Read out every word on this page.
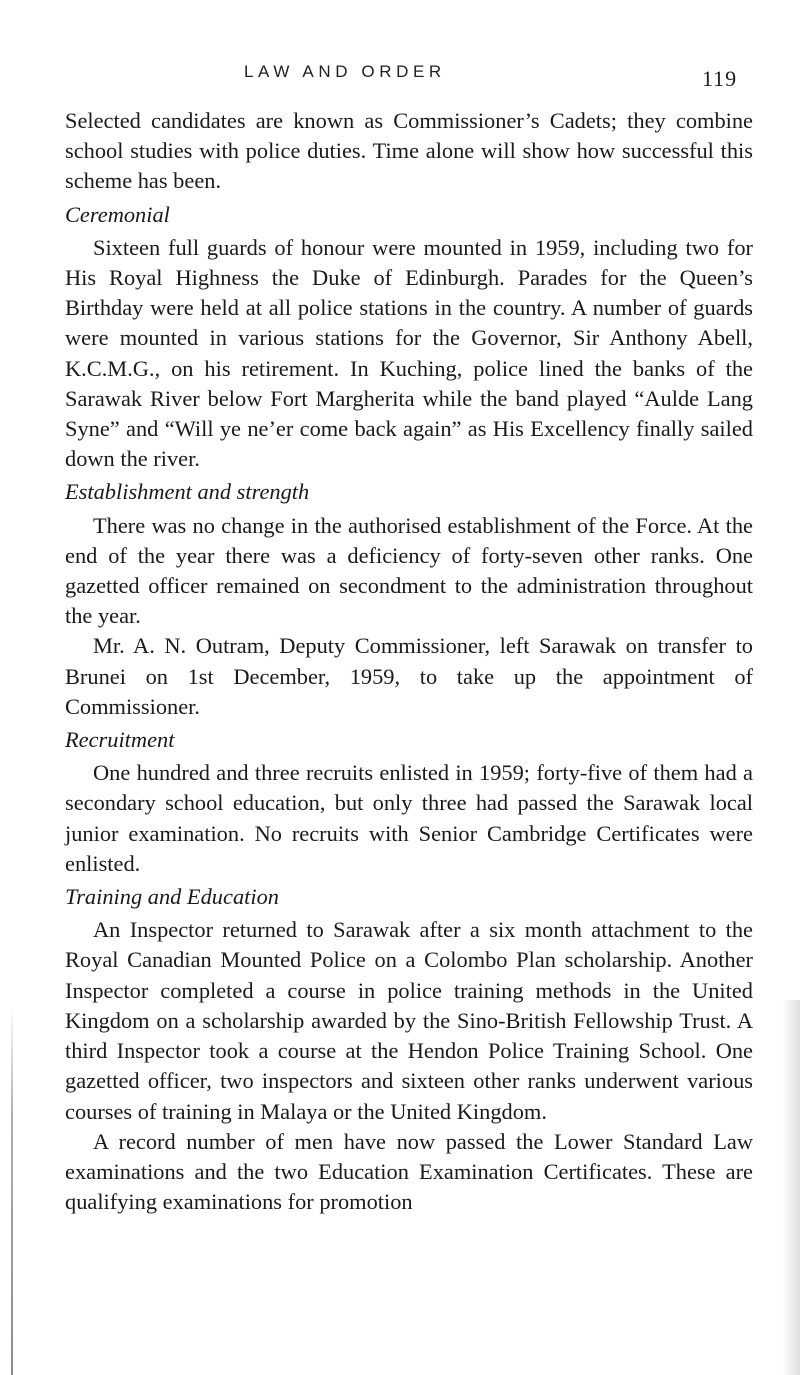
LAW AND ORDER	119

Selected candidates are known as Commissioner’s Cadets; they combine school studies with police duties. Time alone will show how successful this scheme has been.

Ceremonial

Sixteen full guards of honour were mounted in 1959, including two for His Royal Highness the Duke of Edinburgh. Parades for the Queen’s Birthday were held at all police stations in the country. A number of guards were mounted in various stations for the Governor, Sir Anthony Abell, K.C.M.G., on his retirement. In Kuching, police lined the banks of the Sarawak River below Fort Margherita while the band played “Aulde Lang Syne” and “Will ye ne’er come back again” as His Excellency finally sailed down the river.

Establishment and strength

There was no change in the authorised establishment of the Force. At the end of the year there was a deficiency of forty-seven other ranks. One gazetted officer remained on secondment to the administration throughout the year.

Mr. A. N. Outram, Deputy Commissioner, left Sarawak on transfer to Brunei on 1st December, 1959, to take up the appointment of Commissioner.

Recruitment

One hundred and three recruits enlisted in 1959; forty-five of them had a secondary school education, but only three had passed the Sarawak local junior examination. No recruits with Senior Cambridge Certificates were enlisted.

Training and Education

An Inspector returned to Sarawak after a six month attachment to the Royal Canadian Mounted Police on a Colombo Plan scholarship. Another Inspector completed a course in police training methods in the United Kingdom on a scholarship awarded by the Sino-British Fellowship Trust. A third Inspector took a course at the Hendon Police Training School. One gazetted officer, two inspectors and sixteen other ranks underwent various courses of training in Malaya or the United Kingdom.

A record number of men have now passed the Lower Standard Law examinations and the two Education Examination Certificates. These are qualifying examinations for promotion
